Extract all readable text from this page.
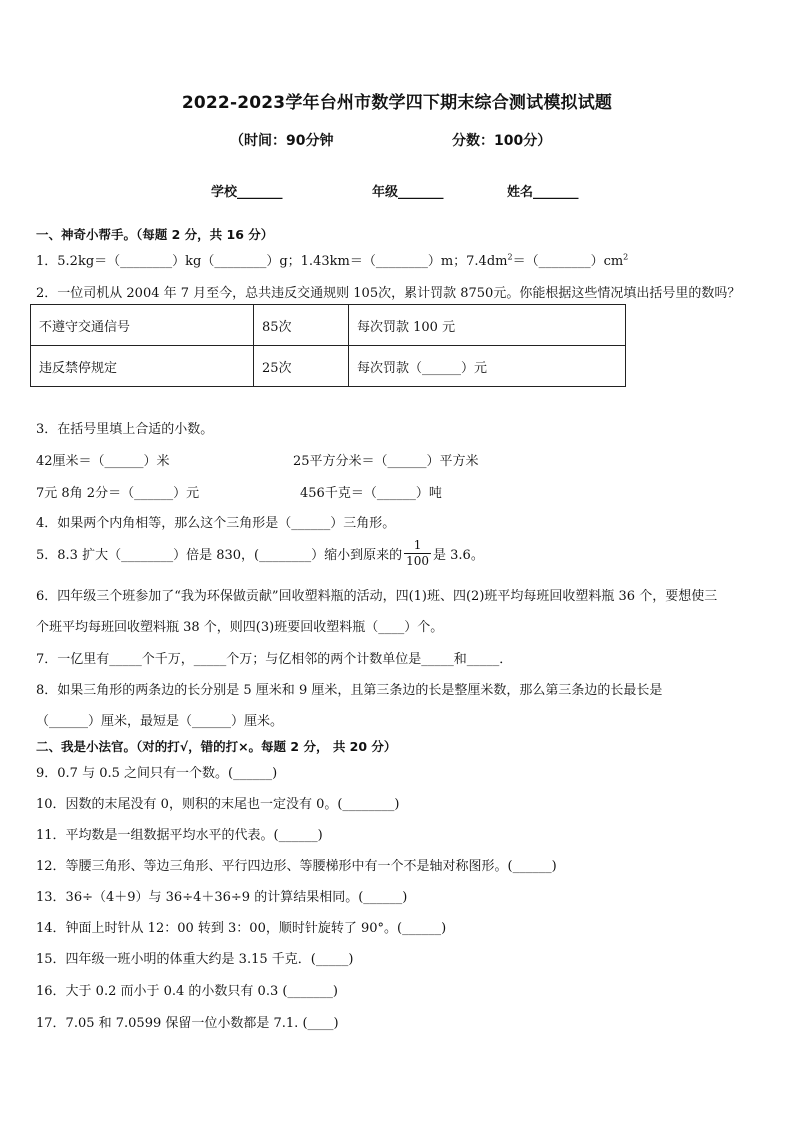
2022-2023学年台州市数学四下期末综合测试模拟试题
（时间：90分钟	分数：100分）
学校_______	年级_______	姓名_______
一、神奇小帮手。（每题 2 分，共 16 分）
1．5.2kg＝（________）kg（________）g；1.43km＝（________）m；$7.4dm^2=(\_\_\_\_\_\_\_\_)cm^2$
2．一位司机从 2004 年 7 月至今，总共违反交通规则 105次，累计罚款 8750元。你能根据这些情况填出括号里的数吗？
不遵守交通信号	85次	每次罚款 100 元
违反禁停规定	25次	每次罚款（______）元
3．在括号里填上合适的小数。
42厘米＝（______）米	25平方分米＝（______）平方米
7元 8角 2分＝（______）元	456千克＝（______）吨
4．如果两个内角相等，那么这个三角形是（______）三角形。
5．8.3 扩大（________）倍是 830，(________）缩小到原来的 $\frac{1}{100}$ 是 3.6。
6．四年级三个班参加了“我为环保做贡献”回收塑料瓶的活动，四(1)班、四(2)班平均每班回收塑料瓶 36 个，要想使三
个班平均每班回收塑料瓶 38 个，则四(3)班要回收塑料瓶（____）个。
7．一亿里有_____个千万，_____个万；与亿相邻的两个计数单位是_____和_____．
8．如果三角形的两条边的长分别是 5 厘米和 9 厘米，且第三条边的长是整厘米数，那么第三条边的长最长是
（______）厘米，最短是（______）厘米。
二、我是小法官。（对的打√，错的打×。每题 2 分， 共 20 分）
9．0.7 与 0.5 之间只有一个数。(______)
10．因数的末尾没有 0，则积的末尾也一定没有 0。(________)
11．平均数是一组数据平均水平的代表。(______)
12．等腰三角形、等边三角形、平行四边形、等腰梯形中有一个不是轴对称图形。(______)
13．36÷（4＋9）与 36÷4＋36÷9 的计算结果相同。(______)
14．钟面上时针从 12：00 转到 3：00，顺时针旋转了 90°。(______)
15．四年级一班小明的体重大约是 3.15 千克．(_____)
16．大于 0.2 而小于 0.4 的小数只有 0.3 (_______)
17．7.05 和 7.0599 保留一位小数都是 7.1. (____)
